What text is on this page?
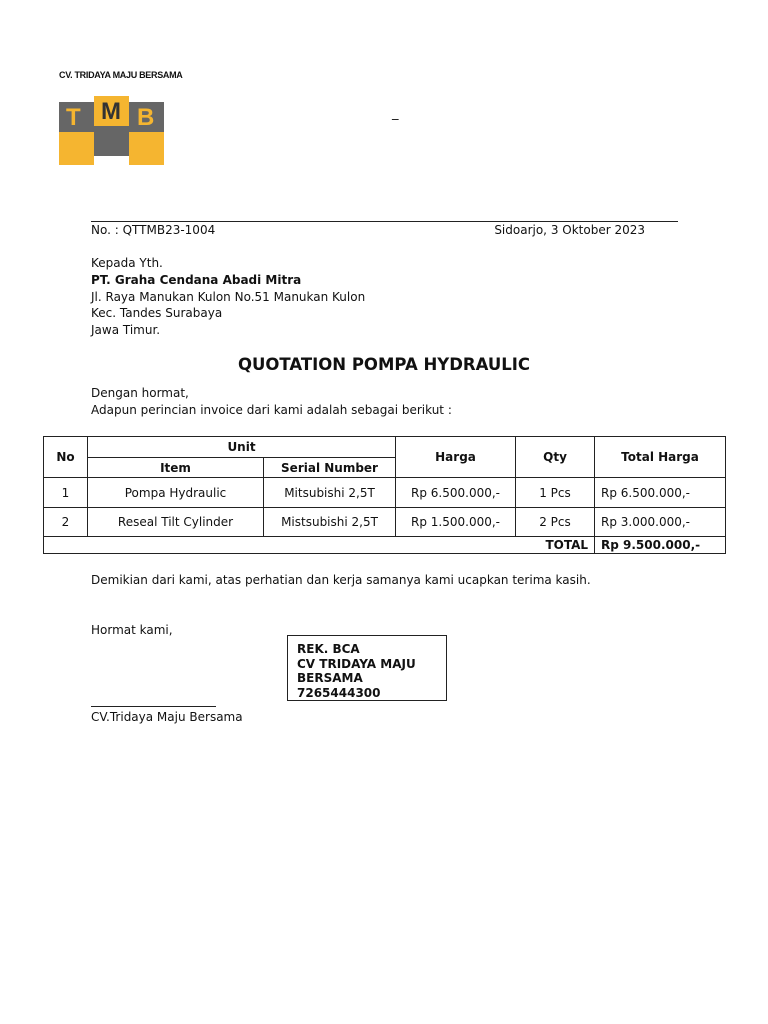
CV. TRIDAYA MAJU BERSAMA
T M B	_
No. : QTTMB23-1004	Sidoarjo, 3 Oktober 2023
Kepada Yth.
PT. Graha Cendana Abadi Mitra
Jl. Raya Manukan Kulon No.51 Manukan Kulon
Kec. Tandes Surabaya
Jawa Timur.
QUOTATION POMPA HYDRAULIC
Dengan hormat,
Adapun perincian invoice dari kami adalah sebagai berikut :
No	Unit		Harga	Qty	Total Harga
	Item	Serial Number			
1	Pompa Hydraulic	Mitsubishi 2,5T	Rp 6.500.000,-	1 Pcs	Rp 6.500.000,-
2	Reseal Tilt Cylinder	Mistsubishi 2,5T	Rp 1.500.000,-	2 Pcs	Rp 3.000.000,-
TOTAL					Rp 9.500.000,-
Demikian dari kami, atas perhatian dan kerja samanya kami ucapkan terima kasih.
Hormat kami,
REK. BCA
CV TRIDAYA MAJU
BERSAMA
7265444300
CV.Tridaya Maju Bersama
